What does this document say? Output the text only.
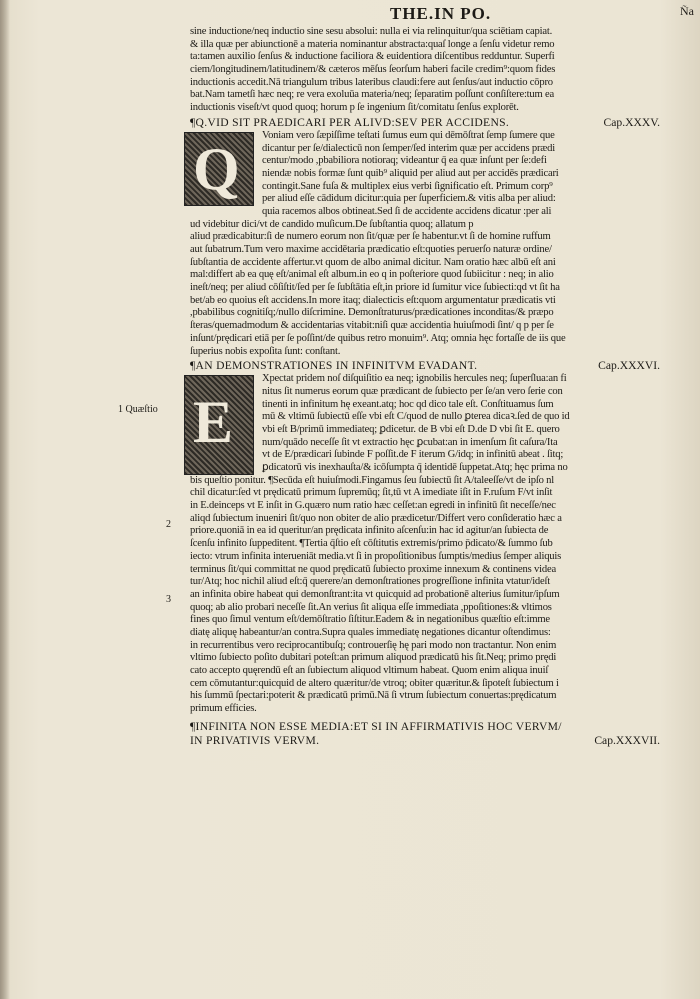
THE.IN PO.	Ña
sine inductione/neq inductio sine sesu absolui: nulla ei via relinquitur/qua sciētiam capiat.
& illa quæ per abiunctionē a materia nominantur abstracta:quaſ longe a ſenſu videtur remo
ta:tamen auxilio ſenſus & inductione faciliora & euidentiora diſcentibus redduntur. Superfi
ciem/longitudinem/latitudinem/& cæteros mēſus ſeorſum haberi facile credim⁹:quom fides
inductionis accedit.Nā triangulum tribus lateribus claudi:fere aut ſenſus/aut inductio cōpro
bat.Nam tametſi hæc neq; re vera exoluūa materia/neq; ſeparatim poſſunt conſiſtere:tum ea
inductionis viseſt/vt quod quoq; horum p ſe ingenium ſit/comitatu ſenſus explorēt.
Cap.XXXV.
¶Q.VID SIT PRAEDICARI PER ALIVD:SEV PER ACCIDENS.
Q
Voniam vero ſæpiſſime teſtati ſumus eum qui dēmōſtrat ſemp ſumere que
dicantur per ſe/dialecticū non ſemper/ſed interim quæ per accidens prædi
centur/modo ,pbabiliora notioraq; videantur q̄ ea quæ inſunt per ſe:defi
niendæ nobis formæ ſunt quib⁹ aliquid per aliud aut per accidēs prædicari
contingit.Sane fuſa & multiplex eius verbi ſignificatio eſt. Primum corp⁹
per aliud eſſe cādidum dicitur:quia per ſuperficiem.& vitis alba per aliud:
quia racemos albos obtineat.Sed ſi de accidente accidens dicatur :per ali
ud videbitur dici/vt de candido muſicum.De ſubſtantia quoq; allatum p
aliud prædicabitur:ſi de numero eorum non ſit/quæ per ſe habentur.vt ſi de homine ruffum
aut ſubatrum.Tum vero maxime accidētaria prædicatio eſt:quoties peruerſo naturæ ordine/
ſubſtantia de accidente affertur.vt quom de albo animal dicitur. Nam oratio hæc albū eſt ani
mal:differt ab ea quę eſt/animal eſt album.in eo q in poſteriore quod ſubiicitur : neq; in alio
ineſt/neq; per aliud cōſiſtit/ſed per ſe ſubſtātia eſt,in priore id ſumitur vice ſubiecti:qd vt ſit ha
bet/ab eo quoius eſt accidens.In more itaq; dialecticis eſt:quom argumentatur prædicatis vti
,pbabilibus cognitiſq;/nullo diſcrimine. Demonſtraturus/prædicationes inconditas/& præpo
ſteras/quemadmodum & accidentarias vitabit:niſi quæ accidentia huiuſmodi ſint/ q p per ſe
inſunt/prędicari etiā per ſe poſſint/de quibus retro monuim⁹. Atq; omnia hęc fortaſſe de iis que
ſuperius nobis expoſita ſunt: conſtant.
Cap.XXXVI.
¶AN DEMONSTRATIONES IN INFINITVM EVADANT.
E
Xpectat pridem noſ diſquiſitio ea neq; ignobilis hercules neq; ſuperſlua:an fi
nitus ſit numerus eorum quæ prædicant de ſubiecto per ſe/an vero ſerie con
tinenti in infinitum hę exeant.atq; hoc qd dico tale eſt. Conſtituamus ſum
mū & vltimū ſubiectū eſſe vbi eſt C/quod de nullo ꝑterea dicaꝛ.ſed de quo id
vbi eſt B/primū immediateq; ꝑdicetur. de B vbi eſt D.de D vbi ſit E. quero
num/quādo neceſſe ſit vt extractio hęc ꝑcubat:an in imenſum ſit caſura/Ita
vt de E/prædicari ſubinde F poſſit.de F iterum G/idq; in infinitū abeat . ſitq;
ꝑdicatorū vis inexhauſta/& icōſumpta q̄ identidē ſuppetat.Atq; hęc prima no
bis queſtio ponitur. ¶Secūda eſt huiuſmodi.Fingamus ſeu ſubiectū ſit A/taleeſſe/vt de ipſo nl
chil dicatur:ſed vt prędicatū primum ſupremūq; ſit,tū vt A imediate iſit in F.ruſum F/vt inſit
in E.deinceps vt E inſit in G.quæro num ratio hæc ceſſet:an egredi in infinitū ſit neceſſe/nec
aliqd ſubiectum inueniri ſit/quo non obiter de alio prædicetur/Differt vero conſideratio hæc a
priore.quoniā in ea id queritur/an prędicata infinito aſcenſu:in hac id agitur/an ſubiecta de
ſcenſu infinito ſuppeditent. ¶Tertia q̄ſtio eſt cōſtitutis extremis/primo p̄dicato/& ſummo ſub
iecto: vtrum infinita interueniāt media.vt ſi in propoſitionibus ſumptis/medius ſemper aliquis
terminus ſit/qui committat ne quod prędicatū ſubiecto proxime innexum & continens videa
tur/Atq; hoc nichil aliud eſt:q̄ querere/an demonſtrationes progreſſione infinita vtatur/ideſt
an infinita obire habeat qui demonſtrant:ita vt quicquid ad probationē alterius ſumitur/ipſum
quoq; ab alio probari neceſſe ſit.An verius ſit aliqua eſſe immediata ,ppoſitiones:& vltimos
fines quo ſimul ventum eſt/demōſtratio ſiſtitur.Eadem & in negationibus quæſtio eſt:imme
diatę aliquę habeantur/an contra.Supra quales immediatę negationes dicantur oſtendimus:
in recurrentibus vero reciprocantibuſq; controuerſię hę pari modo non tractantur. Non enim
vltimo ſubiecto poſito dubitari poteſt:an primum aliquod prædicatū his ſit.Neq; primo prędi
cato accepto quęrendū eſt an ſubiectum aliquod vltimum habeat. Quom enim aliqua inuiſ
cem cōmutantur:quicquid de altero quæritur/de vtroq; obiter quæritur.& ſipoteſt ſubiectum i
his ſummū ſpectari:poterit & prædicatū primū.Nā ſi vtrum ſubiectum conuertas:prędicatum
primum efficies.
¶INFINITA NON ESSE MEDIA:ET SI IN AFFIRMATIVIS HOC VERVM/
Cap.XXXVII.
IN PRIVATIVIS VERVM.
1 Quæſtio
2
3
